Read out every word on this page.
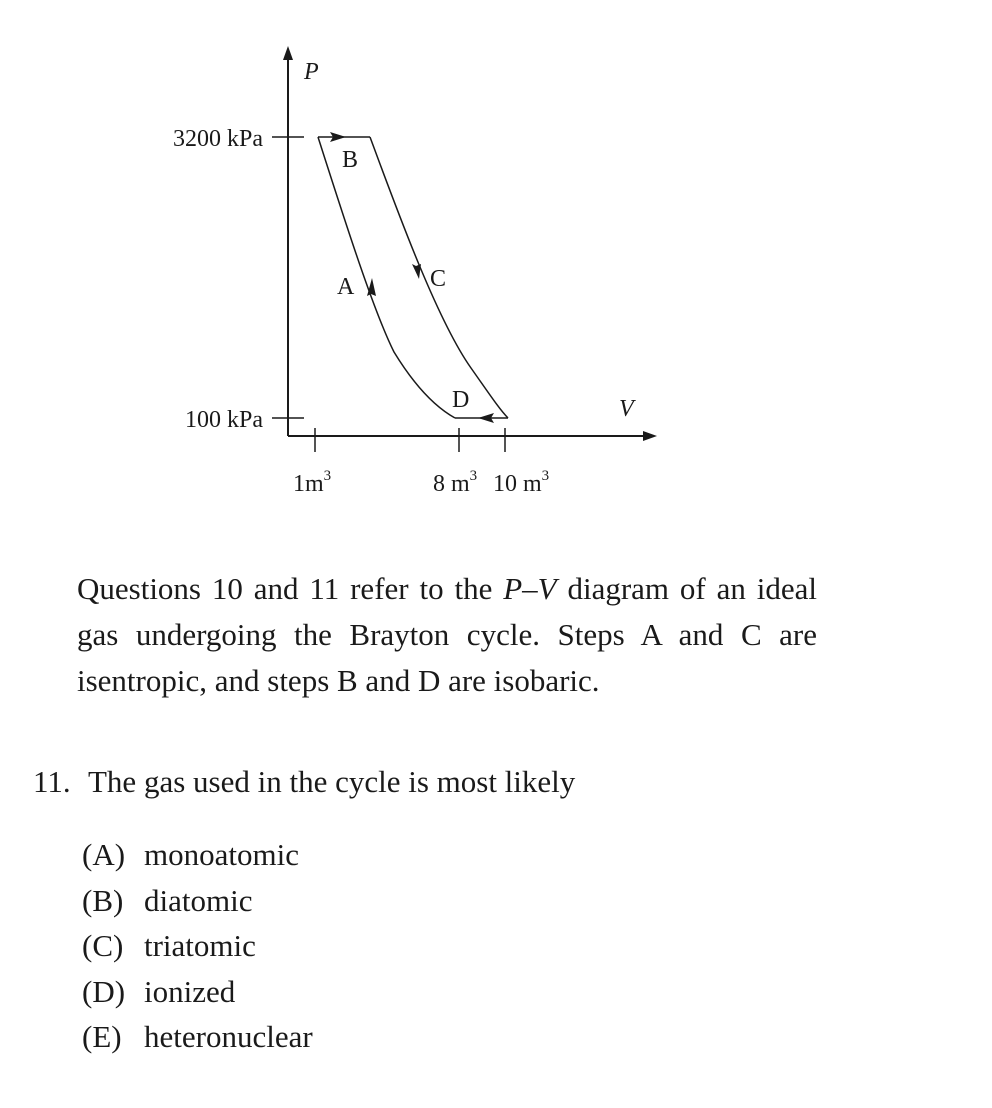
P
V
3200 kPa
100 kPa
$1m^3$	8 $m^3$ 10 $m^3$
B
A	C
D

Questions 10 and 11 refer to the P–V diagram of an ideal gas undergoing the Brayton cycle. Steps A and C are isentropic, and steps B and D are isobaric.

11. The gas used in the cycle is most likely

(A) monoatomic
(B) diatomic
(C) triatomic
(D) ionized
(E) heteronuclear
